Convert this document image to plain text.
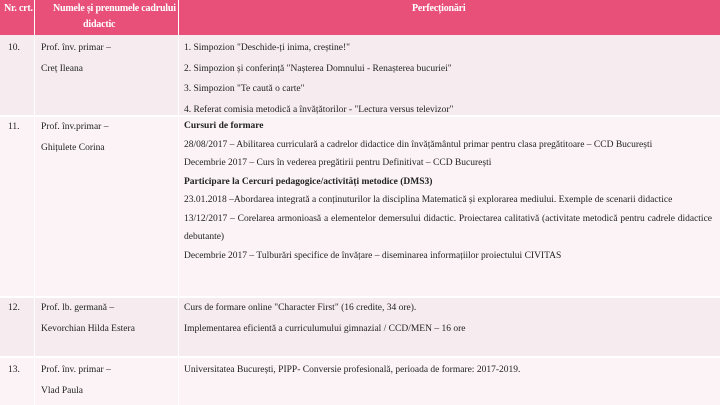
Nr. crt. Numele și prenumele cadrului
didactic
Perfecționări
10. Prof. înv. primar –
Creț Ileana
1. Simpozion "Deschide-ți inima, creștine!"
2. Simpozion și conferință "Nașterea Domnului - Renașterea bucuriei"
3. Simpozion "Te caută o carte"
4. Referat comisia metodică a învățătorilor - "Lectura versus televizor"
11. Prof. înv.primar –
Ghițulete Corina
Cursuri de formare
28/08/2017 – Abilitarea curriculară a cadrelor didactice din învățământul primar pentru clasa pregătitoare – CCD București
Decembrie 2017 – Curs în vederea pregătirii pentru Definitivat – CCD București
Participare la Cercuri pedagogice/activități metodice (DMS3)
23.01.2018 –Abordarea integrată a conținuturilor la disciplina Matematică și explorarea mediului. Exemple de scenarii didactice
13/12/2017 – Corelarea armonioasă a elementelor demersului didactic. Proiectarea calitativă (activitate metodică pentru cadrele didactice debutante)
Decembrie 2017 – Tulburări specifice de învățare – diseminarea informațiilor proiectului CIVITAS
12. Prof. lb. germană –
Kevorchian Hilda Estera
Curs de formare online "Character First" (16 credite, 34 ore).
Implementarea eficientă a curriculumului gimnazial / CCD/MEN – 16 ore
13. Prof. înv. primar –
Vlad Paula
Universitatea București, PIPP- Conversie profesională, perioada de formare: 2017-2019.
